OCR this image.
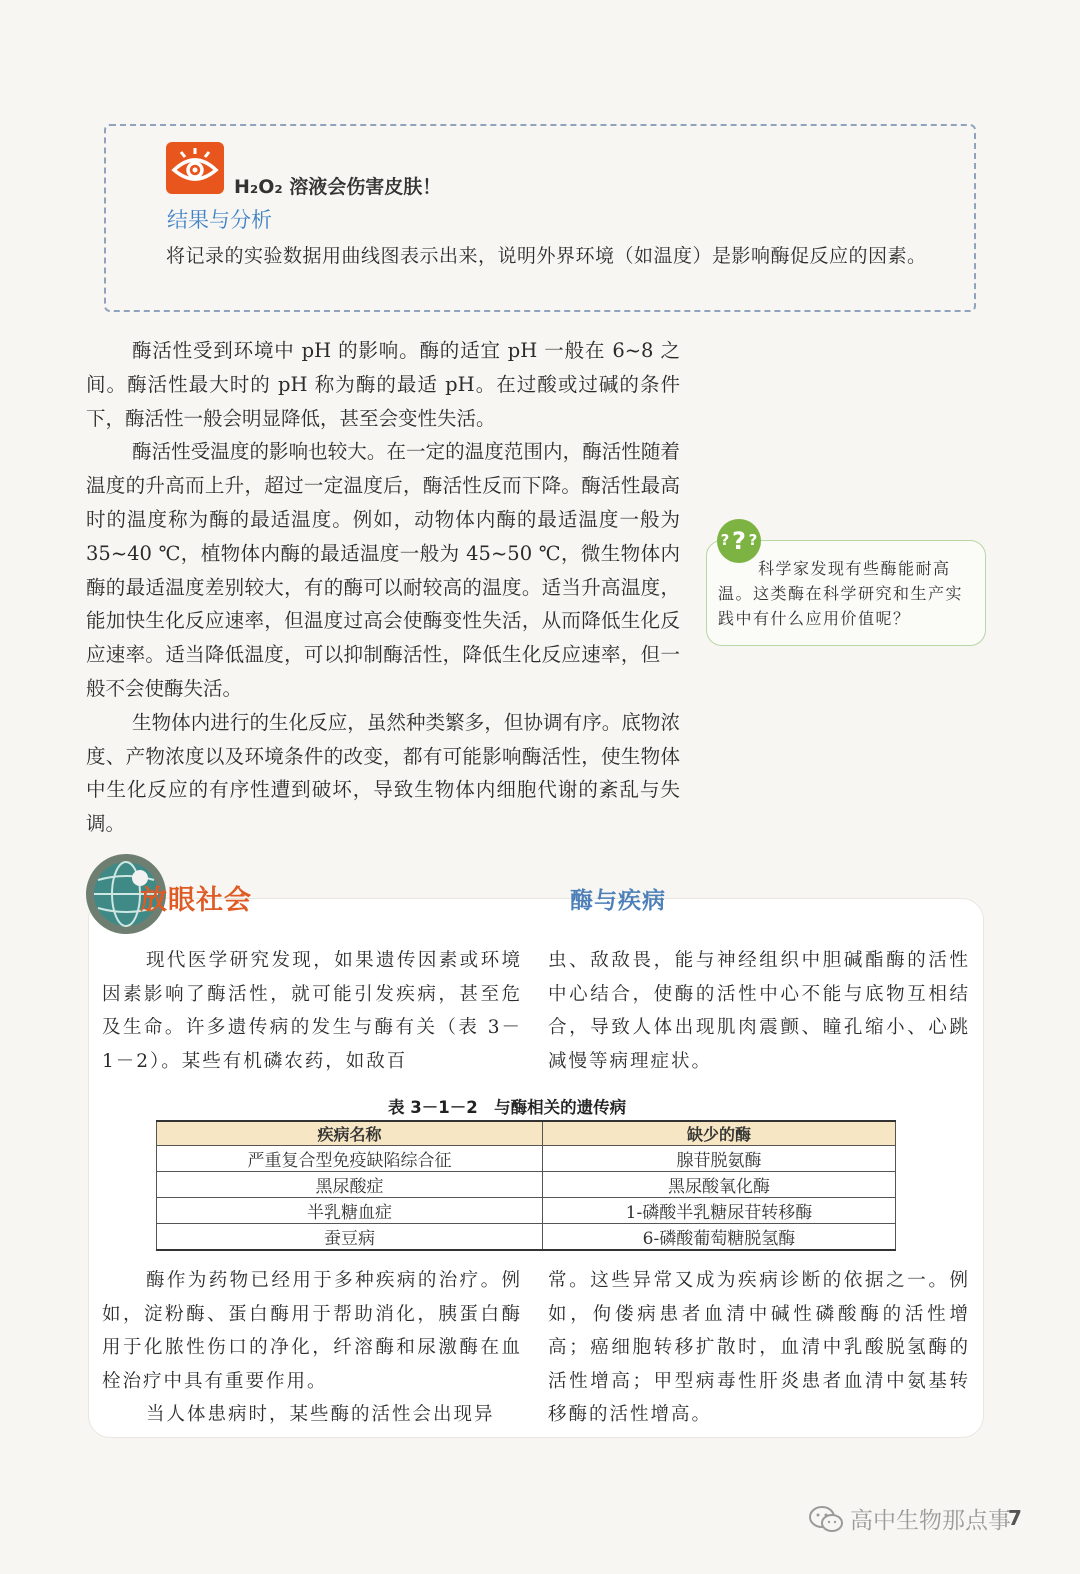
H₂O₂ 溶液会伤害皮肤！
结果与分析
将记录的实验数据用曲线图表示出来，说明外界环境（如温度）是影响酶促反应的因素。

酶活性受到环境中 pH 的影响。酶的适宜 pH 一般在 6~8 之间。酶活性最大时的 pH 称为酶的最适 pH。在过酸或过碱的条件下，酶活性一般会明显降低，甚至会变性失活。

酶活性受温度的影响也较大。在一定的温度范围内，酶活性随着温度的升高而上升，超过一定温度后，酶活性反而下降。酶活性最高时的温度称为酶的最适温度。例如，动物体内酶的最适温度一般为 35~40 ℃，植物体内酶的最适温度一般为 45~50 ℃，微生物体内酶的最适温度差别较大，有的酶可以耐较高的温度。适当升高温度，能加快生化反应速率，但温度过高会使酶变性失活，从而降低生化反应速率。适当降低温度，可以抑制酶活性，降低生化反应速率，但一般不会使酶失活。

生物体内进行的生化反应，虽然种类繁多，但协调有序。底物浓度、产物浓度以及环境条件的改变，都有可能影响酶活性，使生物体中生化反应的有序性遭到破坏，导致生物体内细胞代谢的紊乱与失调。

?
? ?
科学家发现有些酶能耐高温。这类酶在科学研究和生产实践中有什么应用价值呢？
放眼社会	酶与疾病
现代医学研究发现，如果遗传因素或环境因素影响了酶活性，就可能引发疾病，甚至危及生命。许多遗传病的发生与酶有关（表 3－1－2）。某些有机磷农药，如敌百
虫、敌敌畏，能与神经组织中胆碱酯酶的活性中心结合，使酶的活性中心不能与底物互相结合，导致人体出现肌肉震颤、瞳孔缩小、心跳减慢等病理症状。
表 3－1－2　与酶相关的遗传病
疾病名称	缺少的酶
严重复合型免疫缺陷综合征	腺苷脱氨酶
黑尿酸症	黑尿酸氧化酶
半乳糖血症	1-磷酸半乳糖尿苷转移酶
蚕豆病	6-磷酸葡萄糖脱氢酶
酶作为药物已经用于多种疾病的治疗。例如，淀粉酶、蛋白酶用于帮助消化，胰蛋白酶用于化脓性伤口的净化，纤溶酶和尿激酶在血栓治疗中具有重要作用。
当人体患病时，某些酶的活性会出现异
常。这些异常又成为疾病诊断的依据之一。例如，佝偻病患者血清中碱性磷酸酶的活性增高；癌细胞转移扩散时，血清中乳酸脱氢酶的活性增高；甲型病毒性肝炎患者血清中氨基转移酶的活性增高。
高中生物那点事
7
